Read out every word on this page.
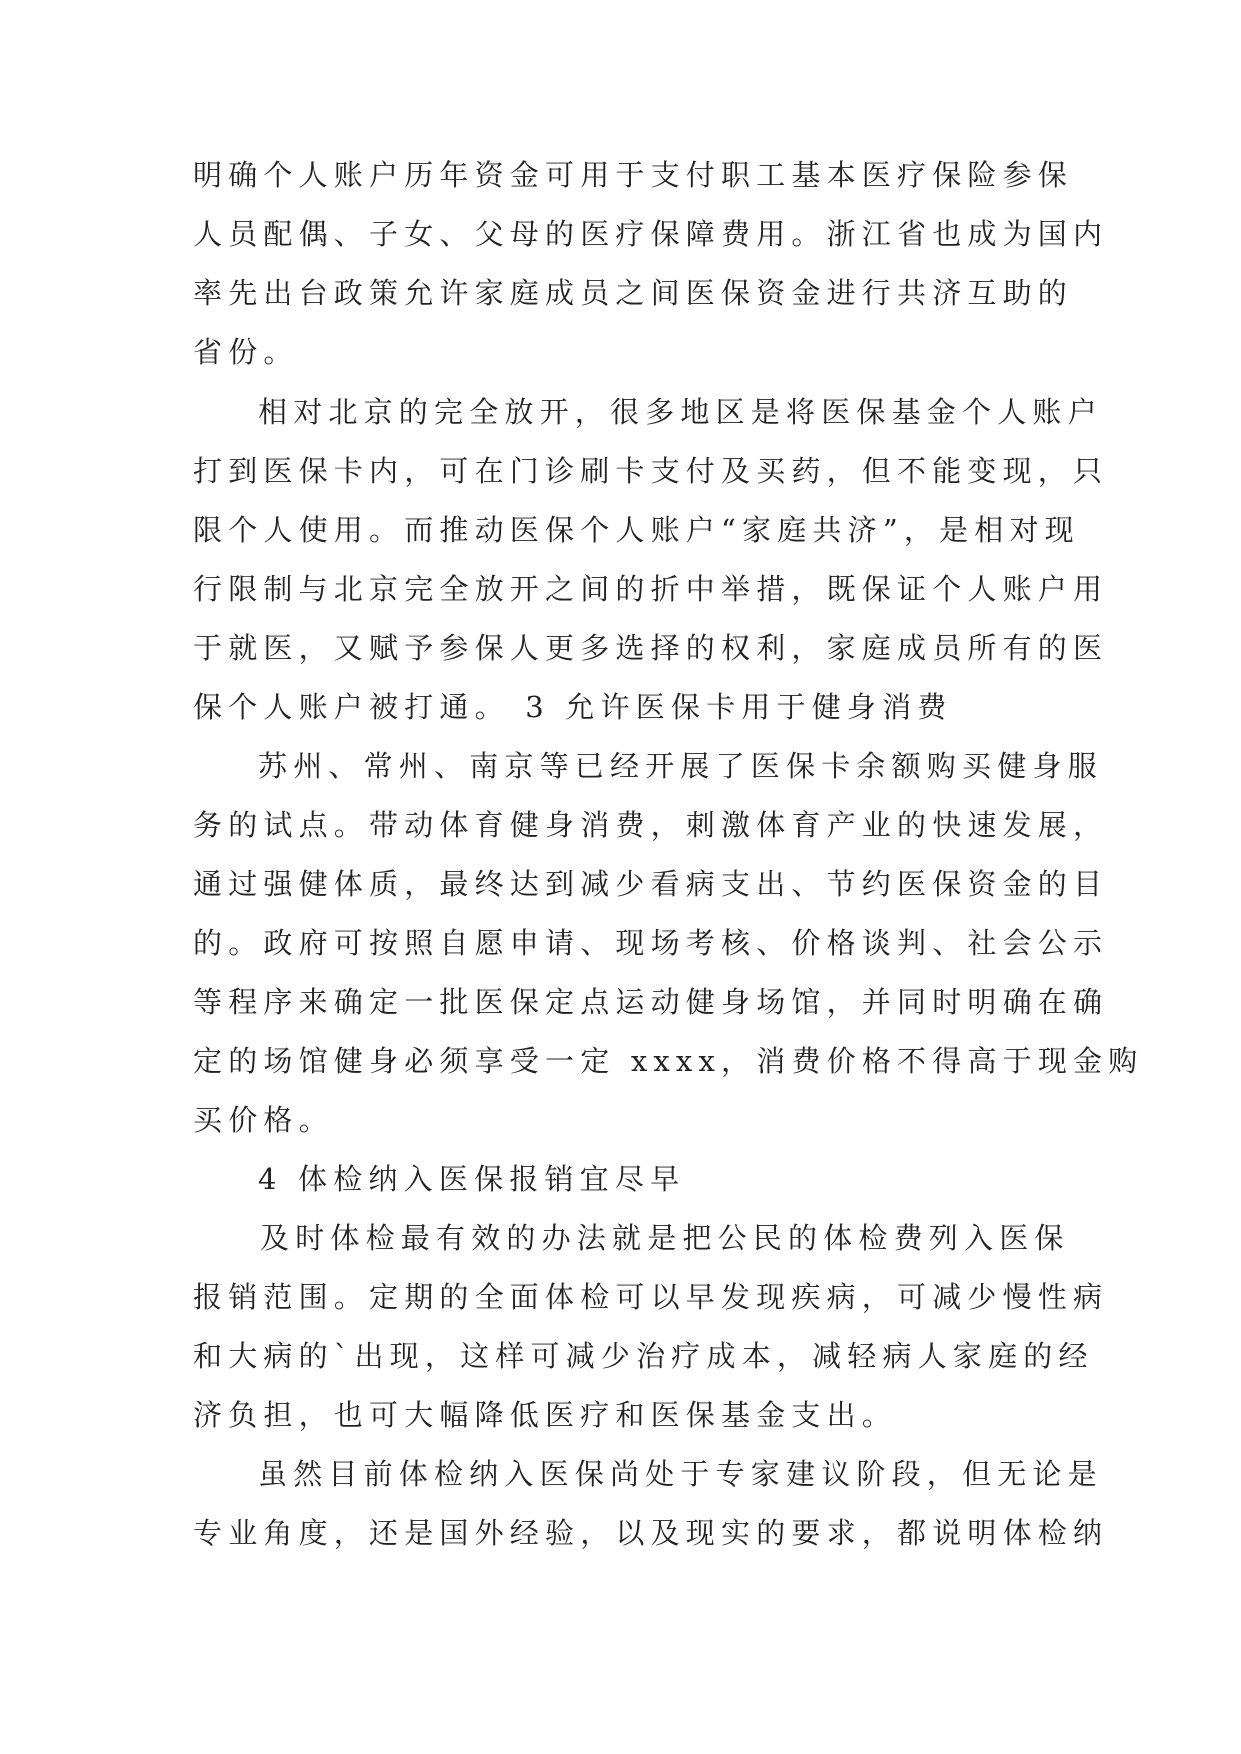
明确个人账户历年资金可用于支付职工基本医疗保险参保

人员配偶、子女、父母的医疗保障费用。浙江省也成为国内

率先出台政策允许家庭成员之间医保资金进行共济互助的

省份。

相对北京的完全放开，很多地区是将医保基金个人账户

打到医保卡内，可在门诊刷卡支付及买药，但不能变现，只

限个人使用。而推动医保个人账户“家庭共济”，是相对现

行限制与北京完全放开之间的折中举措，既保证个人账户用

于就医，又赋予参保人更多选择的权利，家庭成员所有的医

保个人账户被打通。 3 允许医保卡用于健身消费

苏州、常州、南京等已经开展了医保卡余额购买健身服

务的试点。带动体育健身消费，刺激体育产业的快速发展，

通过强健体质，最终达到减少看病支出、节约医保资金的目

的。政府可按照自愿申请、现场考核、价格谈判、社会公示

等程序来确定一批医保定点运动健身场馆，并同时明确在确

定的场馆健身必须享受一定 xxxx，消费价格不得高于现金购

买价格。

4 体检纳入医保报销宜尽早

及时体检最有效的办法就是把公民的体检费列入医保

报销范围。定期的全面体检可以早发现疾病，可减少慢性病

和大病的`出现，这样可减少治疗成本，减轻病人家庭的经

济负担，也可大幅降低医疗和医保基金支出。

虽然目前体检纳入医保尚处于专家建议阶段，但无论是

专业角度，还是国外经验，以及现实的要求，都说明体检纳
